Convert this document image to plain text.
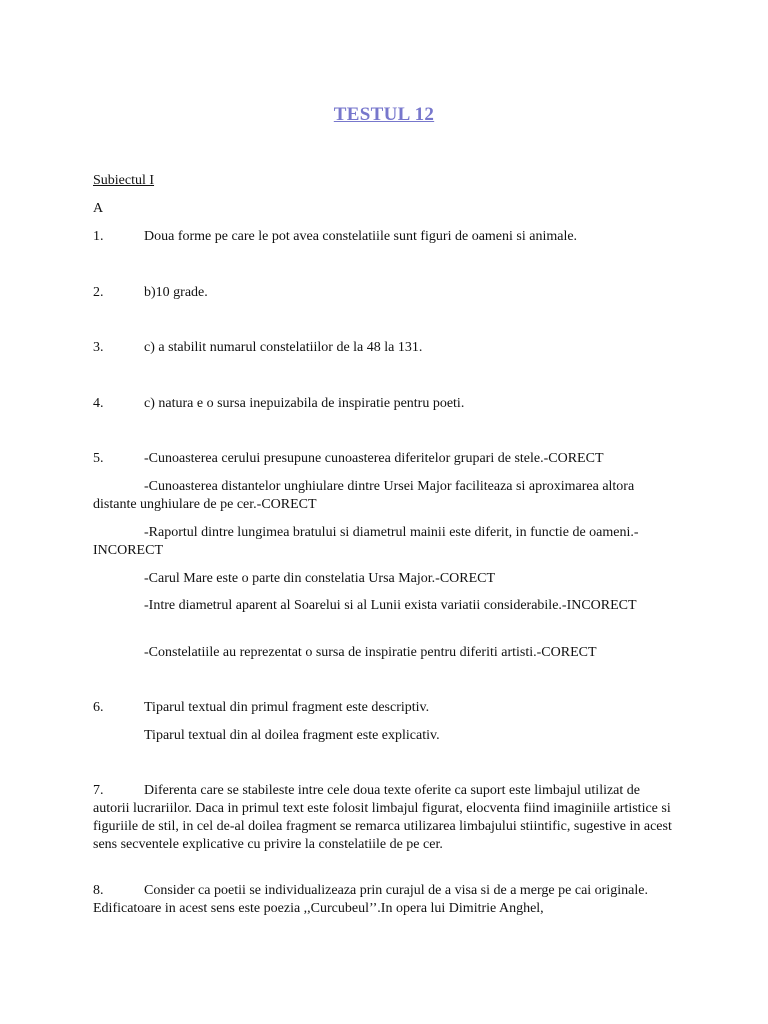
TESTUL 12
Subiectul I
A
1.	Doua forme pe care le pot avea constelatiile sunt figuri de oameni si animale.
2.	b)10 grade.
3.	c) a stabilit numarul constelatiilor de la 48 la 131.
4.	c) natura e o sursa inepuizabila de inspiratie pentru poeti.
5.	-Cunoasterea cerului presupune cunoasterea diferitelor grupari de stele.-CORECT
-Cunoasterea distantelor unghiulare dintre Ursei Major faciliteaza si aproximarea altora distante unghiulare de pe cer.-CORECT
-Raportul dintre lungimea bratului si diametrul mainii este diferit, in functie de oameni.-INCORECT
-Carul Mare este o parte din constelatia Ursa Major.-CORECT
-Intre diametrul aparent al Soarelui si al Lunii exista variatii considerabile.-INCORECT
-Constelatiile au reprezentat o sursa de inspiratie pentru diferiti artisti.-CORECT
6.	Tiparul textual din primul fragment este descriptiv.
Tiparul textual din al doilea fragment este explicativ.
7.	Diferenta care se stabileste intre cele doua texte oferite ca suport este limbajul utilizat de autorii lucrariilor. Daca in primul text este folosit limbajul figurat, elocventa fiind imaginiile artistice si figuriile de stil, in cel de-al doilea fragment se remarca utilizarea limbajului stiintific, sugestive in acest sens secventele explicative cu privire la constelatiile de pe cer.
8.	Consider ca poetii se individualizeaza prin curajul de a visa si de a merge pe cai originale. Edificatoare in acest sens este poezia ,,Curcubeul’’.In opera lui Dimitrie Anghel,
